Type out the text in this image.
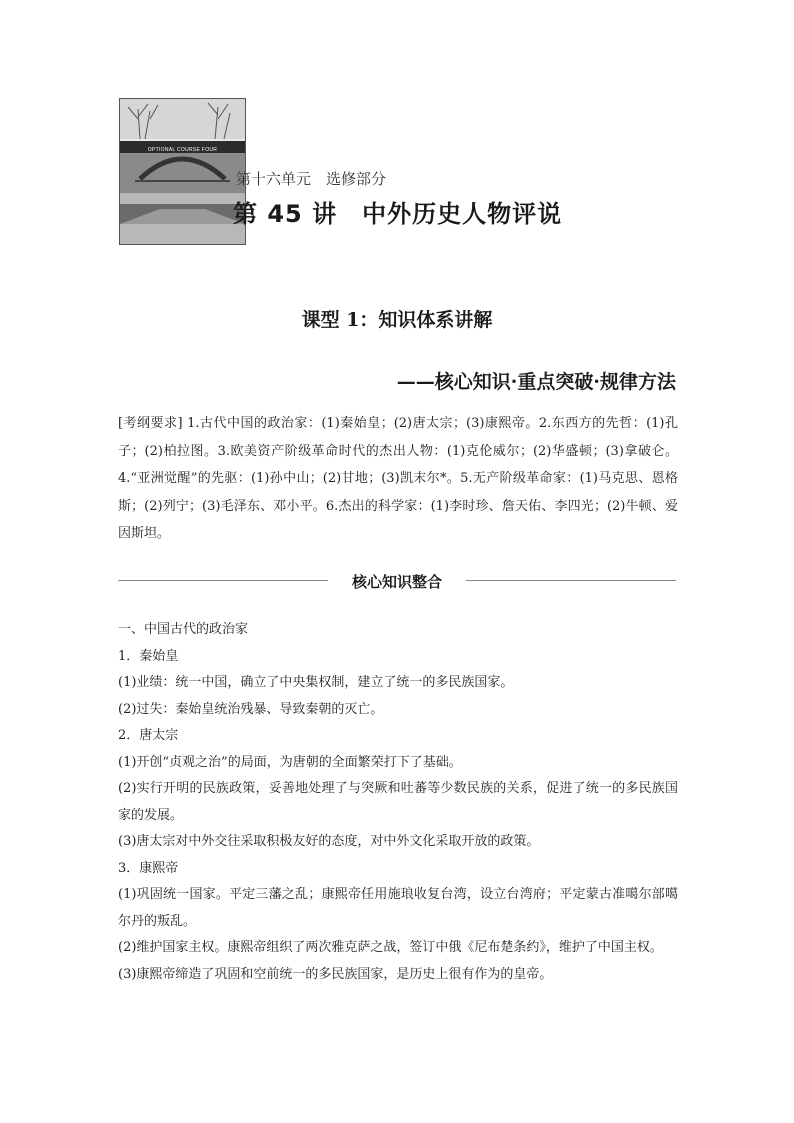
OPTIONAL COURSE FOUR
第十六单元　选修部分
第 45 讲　中外历史人物评说
课型 1：知识体系讲解
——核心知识·重点突破·规律方法
[考纲要求] 1.古代中国的政治家：(1)秦始皇；(2)唐太宗；(3)康熙帝。2.东西方的先哲：(1)孔子；(2)柏拉图。3.欧美资产阶级革命时代的杰出人物：(1)克伦威尔；(2)华盛顿；(3)拿破仑。4.“亚洲觉醒”的先驱：(1)孙中山；(2)甘地；(3)凯末尔*。5.无产阶级革命家：(1)马克思、恩格斯；(2)列宁；(3)毛泽东、邓小平。6.杰出的科学家：(1)李时珍、詹天佑、李四光；(2)牛顿、爱因斯坦。
核心知识整合

一、中国古代的政治家

1．秦始皇

(1)业绩：统一中国，确立了中央集权制，建立了统一的多民族国家。

(2)过失：秦始皇统治残暴、导致秦朝的灭亡。

2．唐太宗

(1)开创“贞观之治”的局面，为唐朝的全面繁荣打下了基础。

(2)实行开明的民族政策，妥善地处理了与突厥和吐蕃等少数民族的关系，促进了统一的多民族国家的发展。

(3)唐太宗对中外交往采取积极友好的态度，对中外文化采取开放的政策。

3．康熙帝

(1)巩固统一国家。平定三藩之乱；康熙帝任用施琅收复台湾，设立台湾府；平定蒙古准噶尔部噶尔丹的叛乱。

(2)维护国家主权。康熙帝组织了两次雅克萨之战，签订中俄《尼布楚条约》，维护了中国主权。

(3)康熙帝缔造了巩固和空前统一的多民族国家，是历史上很有作为的皇帝。
